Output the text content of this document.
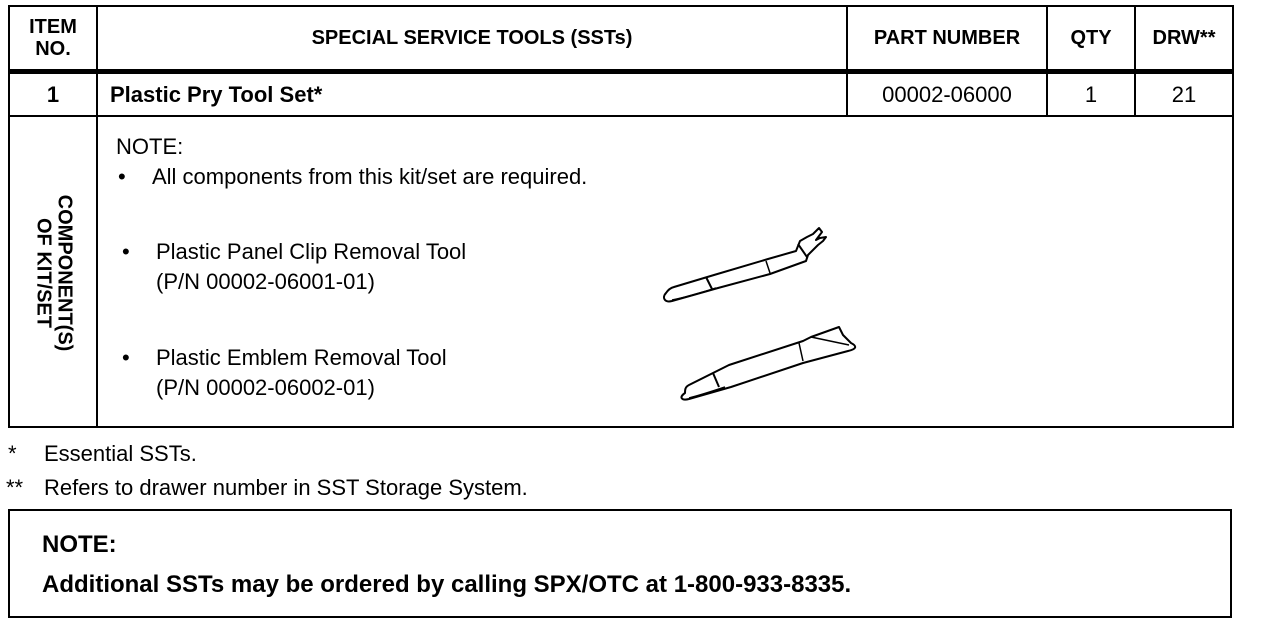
ITEM
NO.	SPECIAL SERVICE TOOLS (SSTs)	PART NUMBER	QTY	DRW**
1	Plastic Pry Tool Set*	00002-06000	1	21
COMPONENT(S)
OF KIT/SET
NOTE:
• All components from this kit/set are required.
• Plastic Panel Clip Removal Tool
(P/N 00002-06001-01)
• Plastic Emblem Removal Tool
(P/N 00002-06002-01)
* Essential SSTs.
** Refers to drawer number in SST Storage System.
NOTE:
Additional SSTs may be ordered by calling SPX/OTC at 1-800-933-8335.
